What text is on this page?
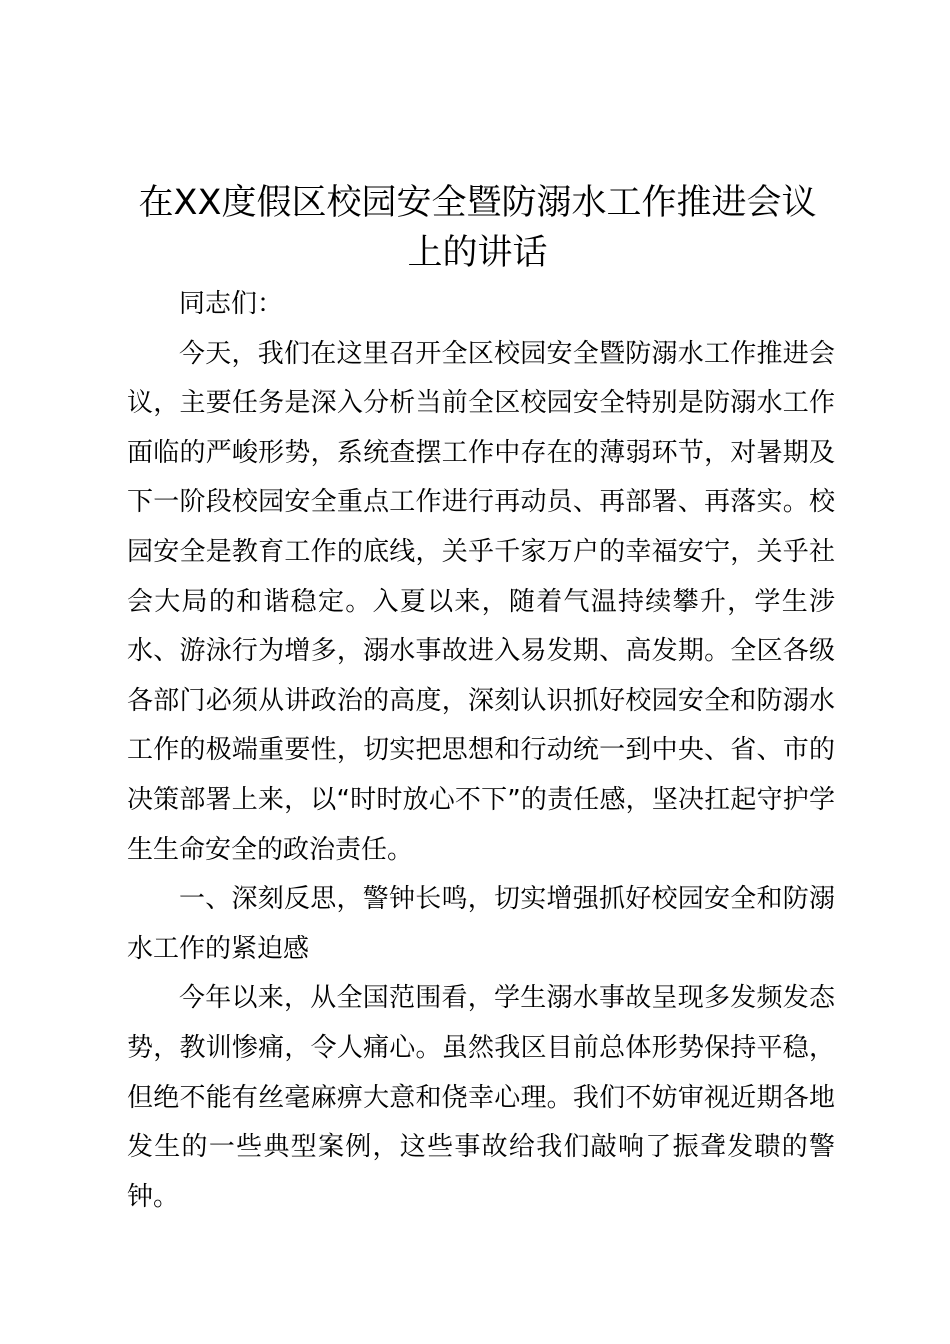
在XX度假区校园安全暨防溺水工作推进会议
上的讲话

同志们：

今天，我们在这里召开全区校园安全暨防溺水工作推进会议，主要任务是深入分析当前全区校园安全特别是防溺水工作面临的严峻形势，系统查摆工作中存在的薄弱环节，对暑期及下一阶段校园安全重点工作进行再动员、再部署、再落实。校园安全是教育工作的底线，关乎千家万户的幸福安宁，关乎社会大局的和谐稳定。入夏以来，随着气温持续攀升，学生涉水、游泳行为增多，溺水事故进入易发期、高发期。全区各级各部门必须从讲政治的高度，深刻认识抓好校园安全和防溺水工作的极端重要性，切实把思想和行动统一到中央、省、市的决策部署上来，以“时时放心不下”的责任感，坚决扛起守护学生生命安全的政治责任。

一、深刻反思，警钟长鸣，切实增强抓好校园安全和防溺水工作的紧迫感

今年以来，从全国范围看，学生溺水事故呈现多发频发态势，教训惨痛，令人痛心。虽然我区目前总体形势保持平稳，但绝不能有丝毫麻痹大意和侥幸心理。我们不妨审视近期各地发生的一些典型案例，这些事故给我们敲响了振聋发聩的警钟。
